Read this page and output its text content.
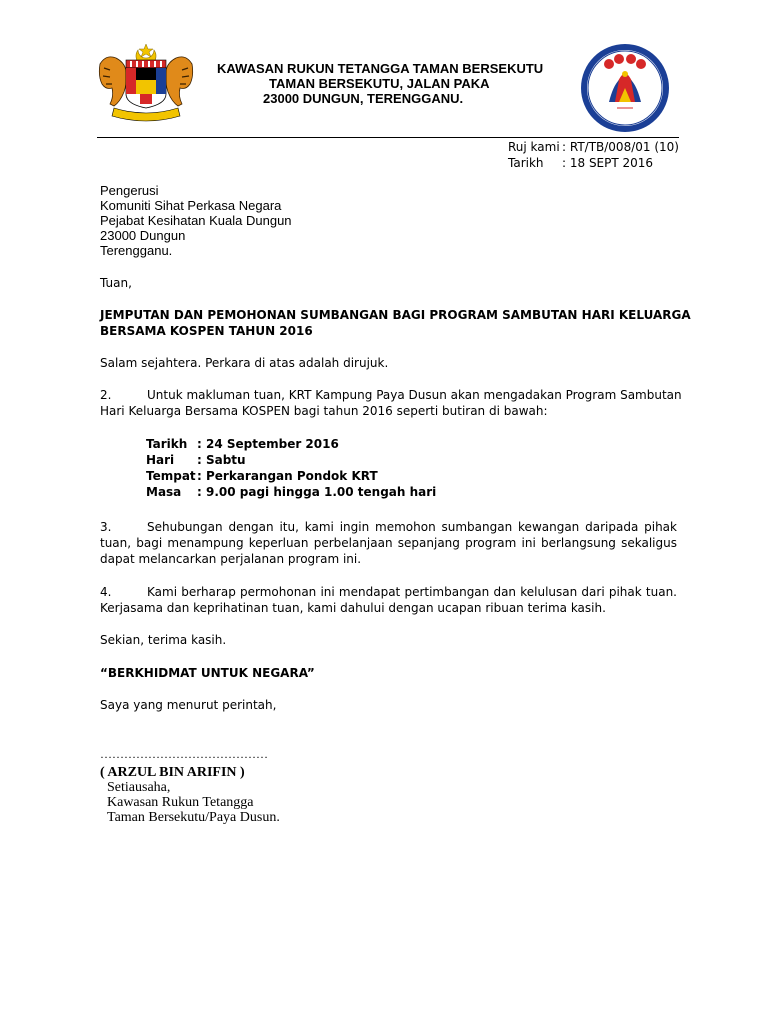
KAWASAN RUKUN TETANGGA TAMAN BERSEKUTU
TAMAN BERSEKUTU, JALAN PAKA
23000 DUNGUN, TERENGGANU.
Ruj kami : RT/TB/008/01 (10)
Tarikh : 18 SEPT 2016
Pengerusi
Komuniti Sihat Perkasa Negara
Pejabat Kesihatan Kuala Dungun
23000 Dungun
Terengganu.
Tuan,
JEMPUTAN DAN PEMOHONAN SUMBANGAN BAGI PROGRAM SAMBUTAN HARI KELUARGA
BERSAMA KOSPEN TAHUN 2016
Salam sejahtera. Perkara di atas adalah dirujuk.
2.	Untuk makluman tuan, KRT Kampung Paya Dusun akan mengadakan Program Sambutan
Hari Keluarga Bersama KOSPEN bagi tahun 2016 seperti butiran di bawah:
Tarikh : 24 September 2016
Hari : Sabtu
Tempat: Perkarangan Pondok KRT
Masa : 9.00 pagi hingga 1.00 tengah hari
3.	Sehubungan dengan itu, kami ingin memohon sumbangan kewangan daripada pihak tuan, bagi menampung keperluan perbelanjaan sepanjang program ini berlangsung sekaligus dapat melancarkan perjalanan program ini.
4.	Kami berharap permohonan ini mendapat pertimbangan dan kelulusan dari pihak tuan. Kerjasama dan keprihatinan tuan, kami dahului dengan ucapan ribuan terima kasih.
Sekian, terima kasih.
“BERKHIDMAT UNTUK NEGARA”
Saya yang menurut perintah,
……………………………………
( ARZUL BIN ARIFIN )
Setiausaha,
Kawasan Rukun Tetangga
Taman Bersekutu/Paya Dusun.
